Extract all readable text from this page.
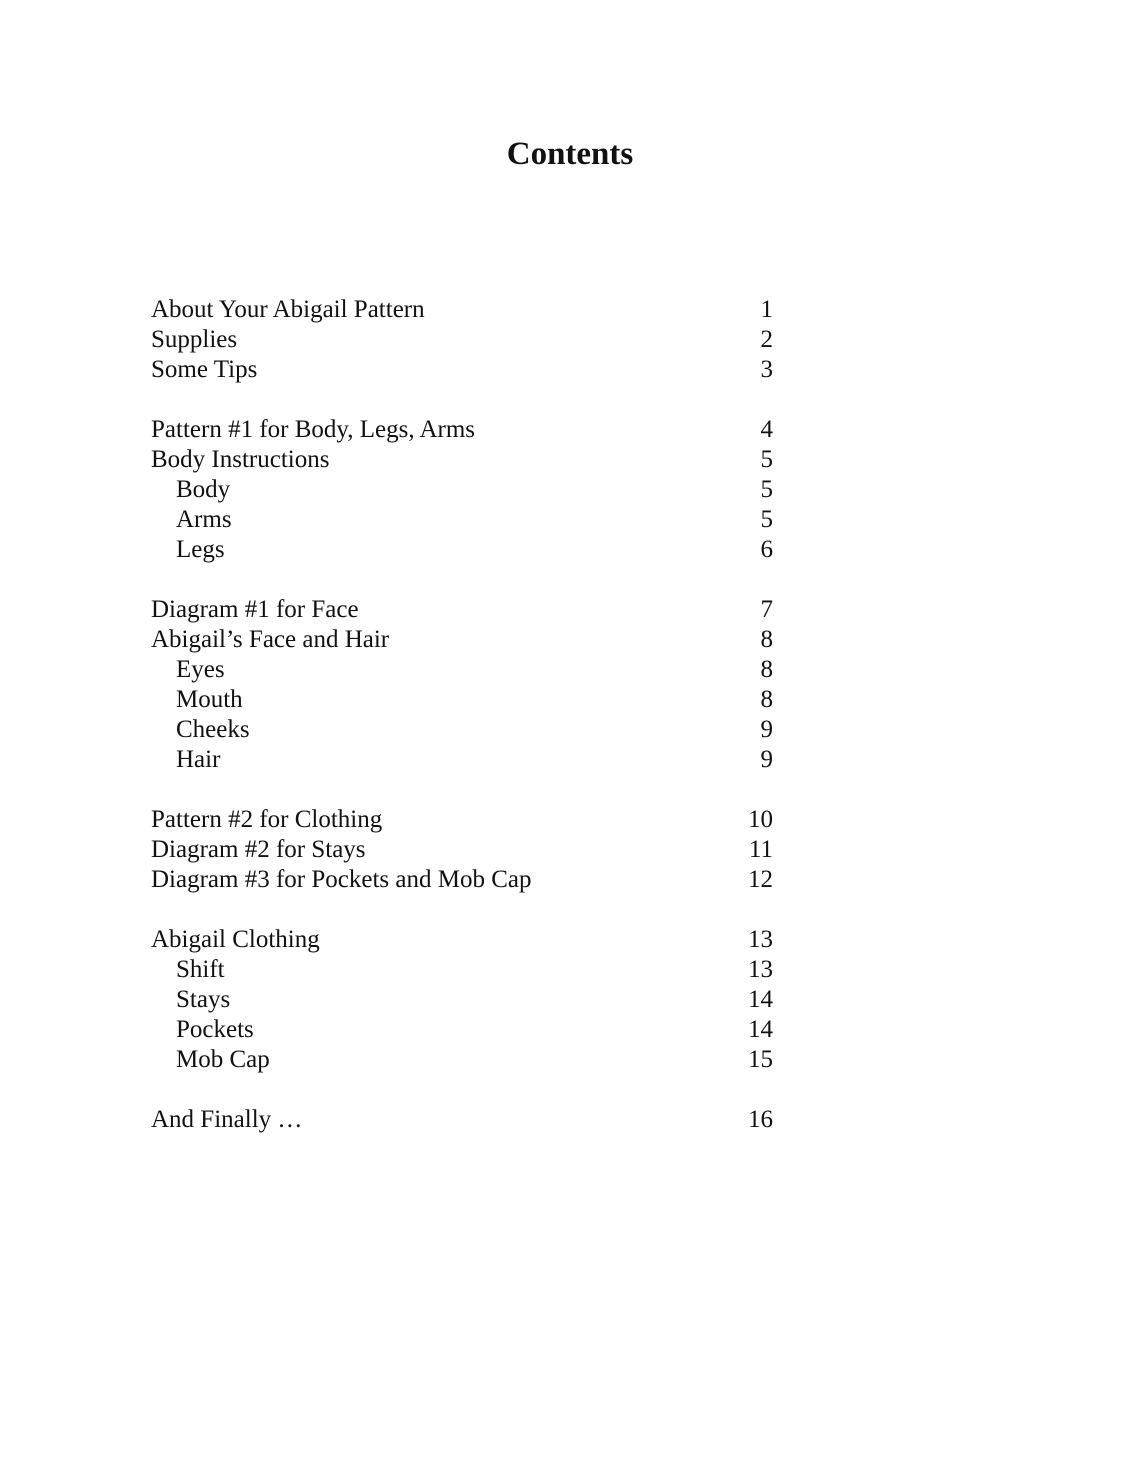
Contents
About Your Abigail Pattern	1
Supplies	2
Some Tips	3
Pattern #1 for Body, Legs, Arms	4
Body Instructions	5
Body	5
Arms	5
Legs	6
Diagram #1 for Face	7
Abigail’s Face and Hair	8
Eyes	8
Mouth	8
Cheeks	9
Hair	9
Pattern #2 for Clothing	10
Diagram #2 for Stays	11
Diagram #3 for Pockets and Mob Cap	12
Abigail Clothing	13
Shift	13
Stays	14
Pockets	14
Mob Cap	15
And Finally …	16
